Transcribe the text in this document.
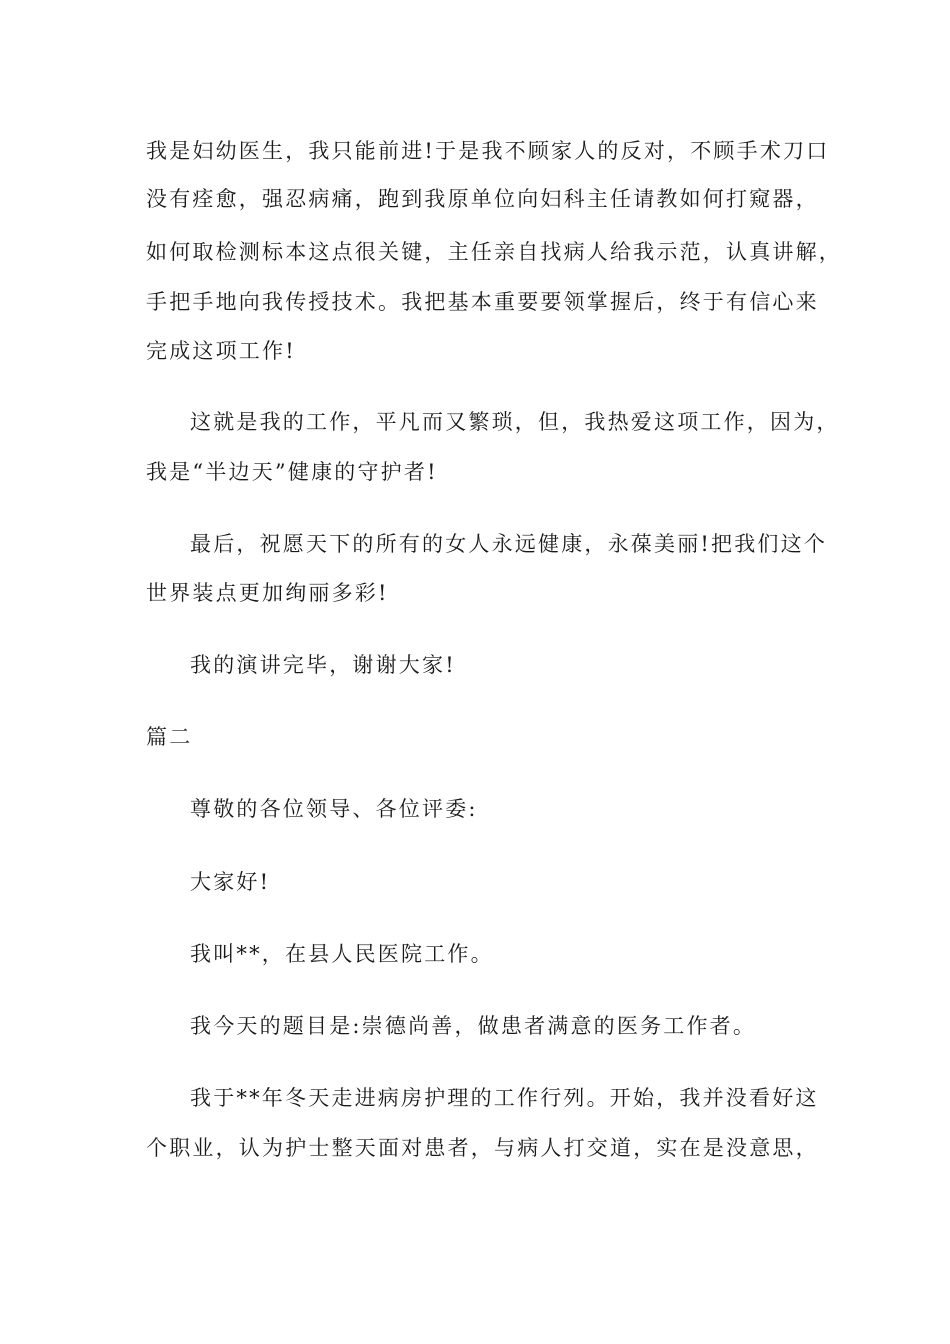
我是妇幼医生，我只能前进!于是我不顾家人的反对，不顾手术刀口
没有痊愈，强忍病痛，跑到我原单位向妇科主任请教如何打窥器，
如何取检测标本这点很关键，主任亲自找病人给我示范，认真讲解，
手把手地向我传授技术。我把基本重要要领掌握后，终于有信心来
完成这项工作!
这就是我的工作，平凡而又繁琐，但，我热爱这项工作，因为，
我是“半边天”健康的守护者!
最后，祝愿天下的所有的女人永远健康，永葆美丽!把我们这个
世界装点更加绚丽多彩!
我的演讲完毕，谢谢大家!
篇二
尊敬的各位领导、各位评委:
大家好!
我叫**，在县人民医院工作。
我今天的题目是:崇德尚善，做患者满意的医务工作者。
我于**年冬天走进病房护理的工作行列。开始，我并没看好这
个职业，认为护士整天面对患者，与病人打交道，实在是没意思，
